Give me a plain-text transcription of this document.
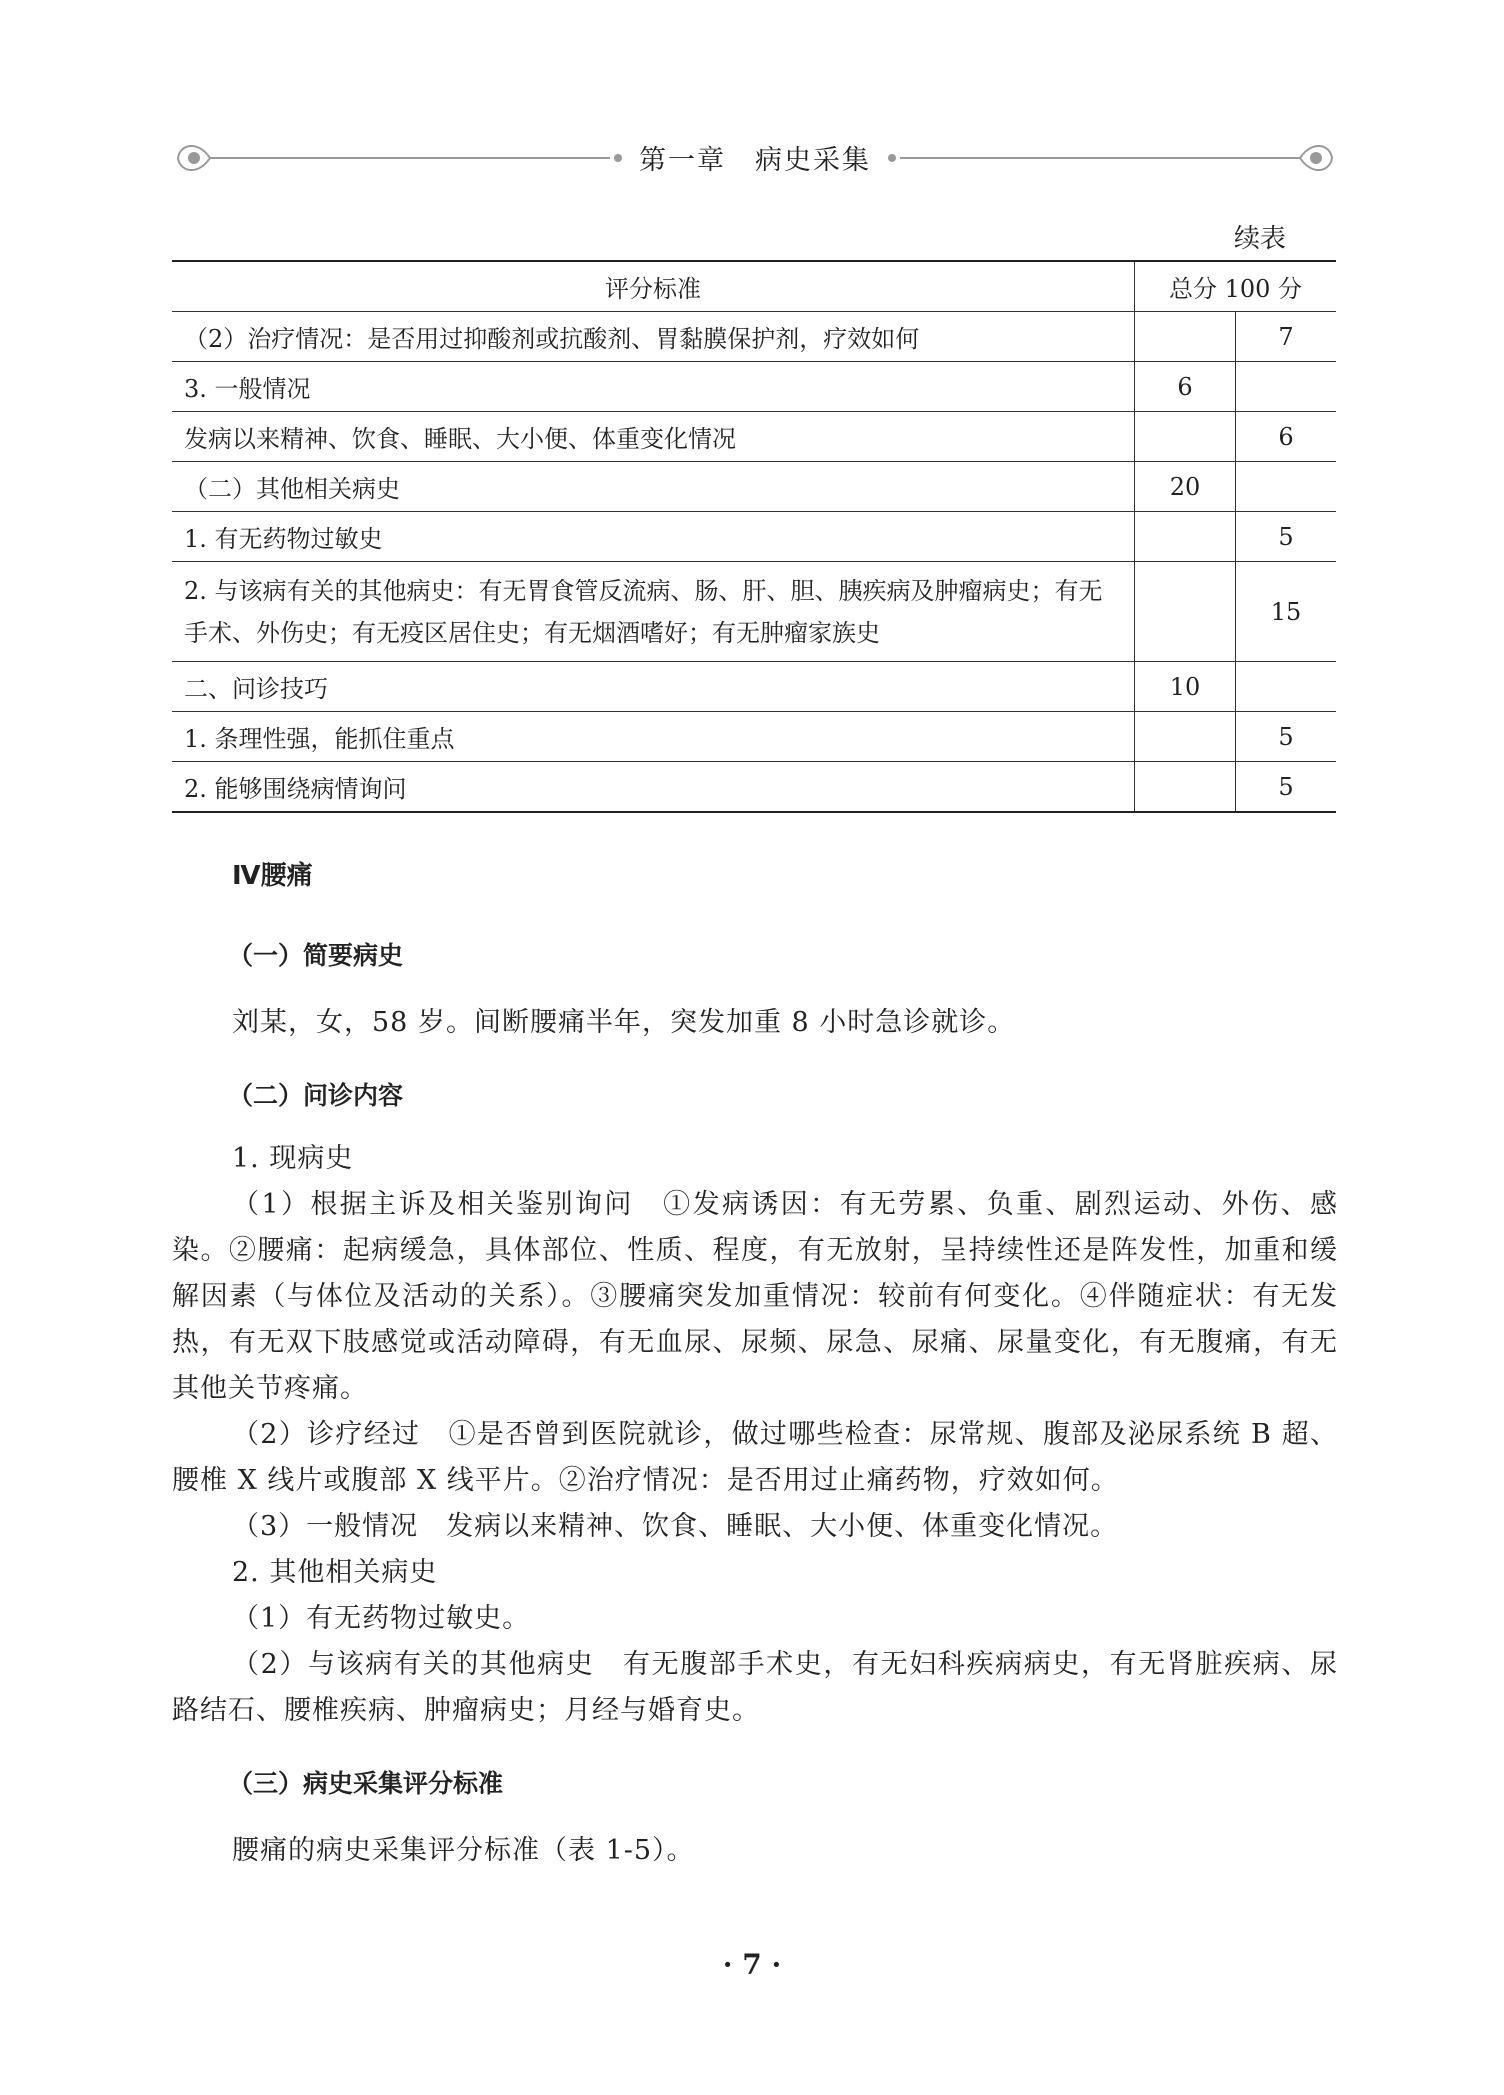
第一章　病史采集
续表
评分标准	总分 100 分	
（2）治疗情况：是否用过抑酸剂或抗酸剂、胃黏膜保护剂，疗效如何		7
3. 一般情况	6	
发病以来精神、饮食、睡眠、大小便、体重变化情况		6
（二）其他相关病史	20	
1. 有无药物过敏史		5
2. 与该病有关的其他病史：有无胃食管反流病、肠、肝、胆、胰疾病及肿瘤病史；有无手术、外伤史；有无疫区居住史；有无烟酒嗜好；有无肿瘤家族史		15
二、问诊技巧	10	
1. 条理性强，能抓住重点		5
2. 能够围绕病情询问		5
Ⅳ腰痛
（一）简要病史

刘某，女，58 岁。间断腰痛半年，突发加重 8 小时急诊就诊。

（二）问诊内容

1. 现病史

（1）根据主诉及相关鉴别询问　①发病诱因：有无劳累、负重、剧烈运动、外伤、感染。②腰痛：起病缓急，具体部位、性质、程度，有无放射，呈持续性还是阵发性，加重和缓解因素（与体位及活动的关系）。③腰痛突发加重情况：较前有何变化。④伴随症状：有无发热，有无双下肢感觉或活动障碍，有无血尿、尿频、尿急、尿痛、尿量变化，有无腹痛，有无其他关节疼痛。

（2）诊疗经过　①是否曾到医院就诊，做过哪些检查：尿常规、腹部及泌尿系统 B 超、腰椎 X 线片或腹部 X 线平片。②治疗情况：是否用过止痛药物，疗效如何。

（3）一般情况　发病以来精神、饮食、睡眠、大小便、体重变化情况。

2. 其他相关病史

（1）有无药物过敏史。

（2）与该病有关的其他病史　有无腹部手术史，有无妇科疾病病史，有无肾脏疾病、尿路结石、腰椎疾病、肿瘤病史；月经与婚育史。

（三）病史采集评分标准

腰痛的病史采集评分标准（表 1-5）。

· 7 ·
